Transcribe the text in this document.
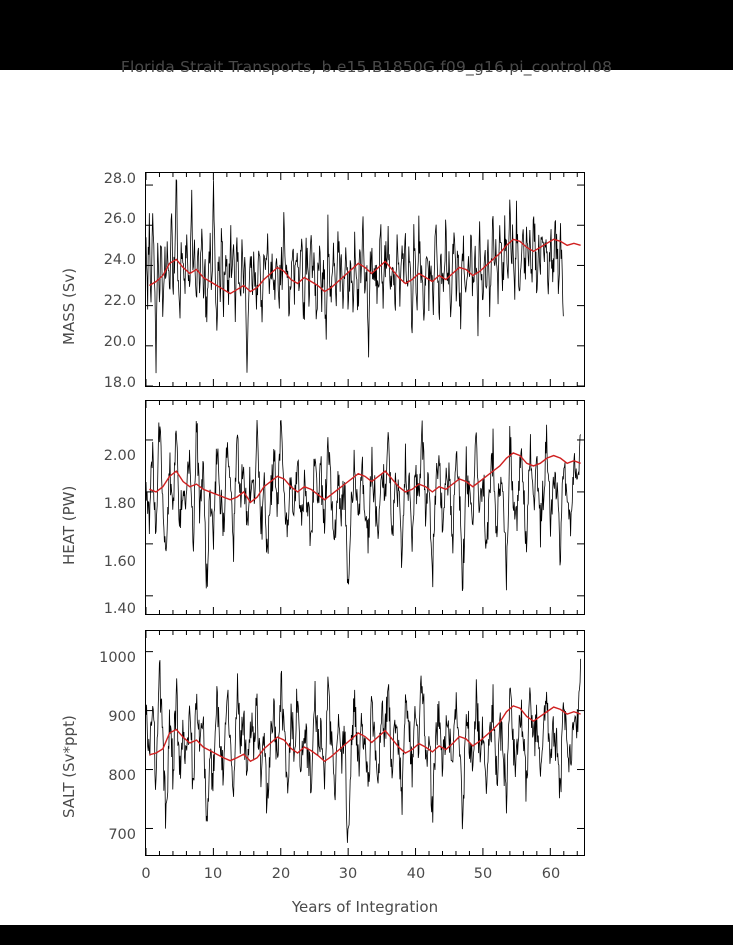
Florida Strait Transports, b.e15.B1850G.f09_g16.pi_control.08
MASS (Sv)
28.0
26.0
24.0
22.0
20.0
18.0
HEAT (PW)
2.00
1.80
1.60
1.40
SALT (Sv*ppt)
1000
900
800
700
0	10	20	30	40	50	60
Years of Integration
